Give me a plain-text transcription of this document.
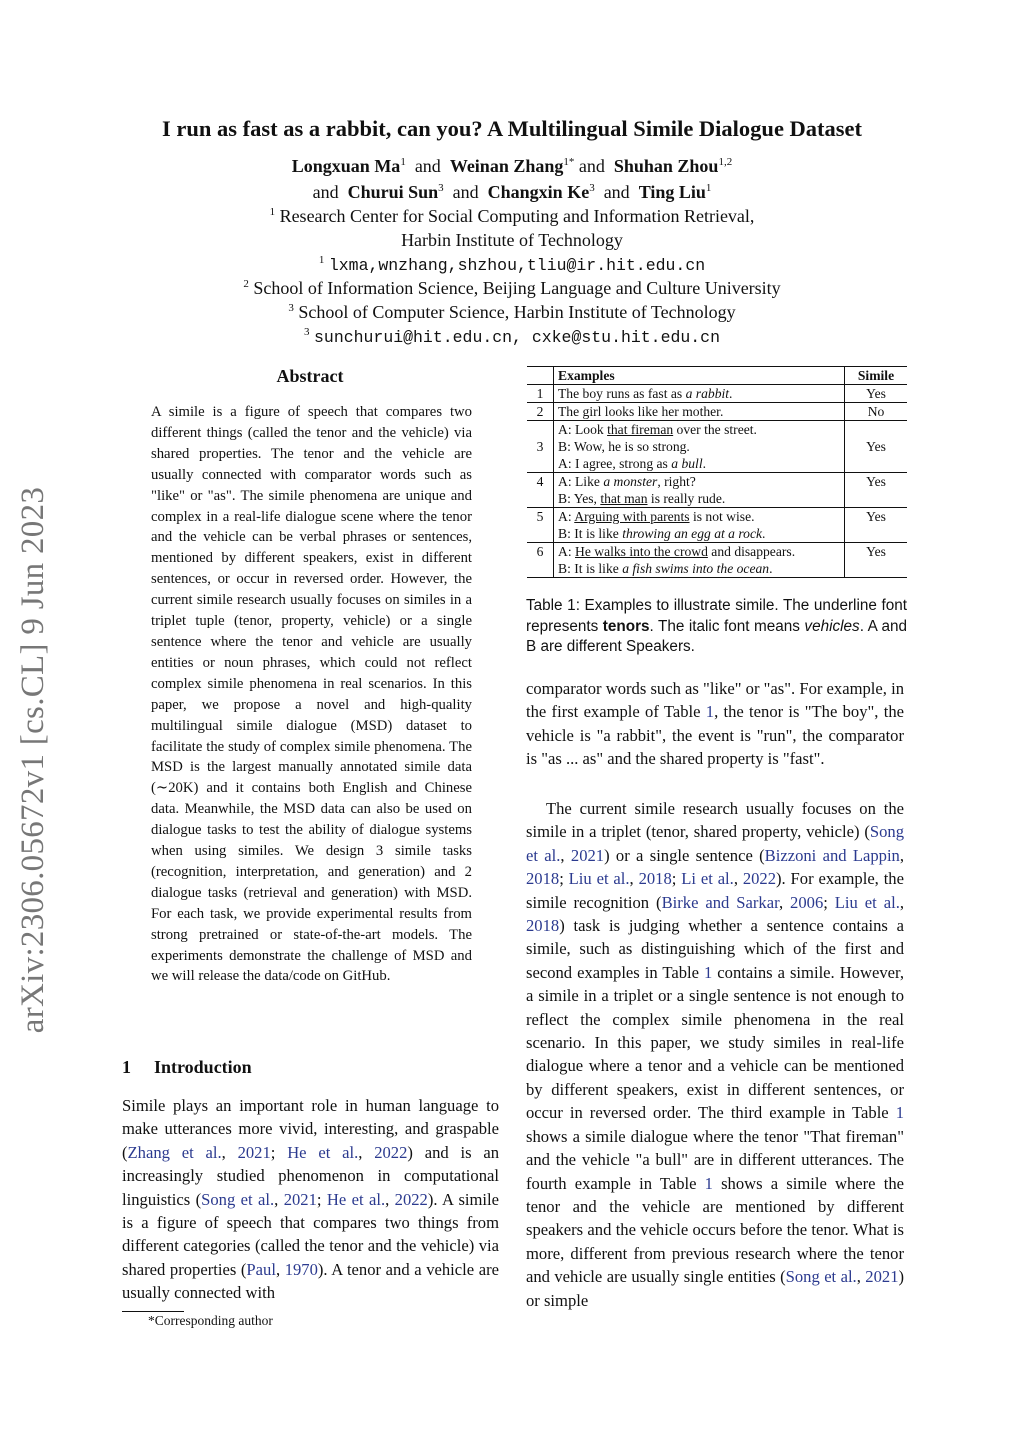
arXiv:2306.05672v1 [cs.CL] 9 Jun 2023
I run as fast as a rabbit, can you? A Multilingual Simile Dialogue Dataset
Longxuan Ma$^1$ and Weinan Zhang$^{1*}$ and Shuhan Zhou$^{1,2}$
and Churui Sun$^3$ and Changxin Ke$^3$ and Ting Liu$^1$
$^1$ Research Center for Social Computing and Information Retrieval,
Harbin Institute of Technology
$^1$ lxma,wnzhang,shzhou,tliu@ir.hit.edu.cn
$^2$ School of Information Science, Beijing Language and Culture University
$^3$ School of Computer Science, Harbin Institute of Technology
$^3$ sunchurui@hit.edu.cn, cxke@stu.hit.edu.cn
Abstract
A simile is a figure of speech that compares two different things (called the tenor and the vehicle) via shared properties. The tenor and the vehicle are usually connected with comparator words such as "like" or "as". The simile phenomena are unique and complex in a real-life dialogue scene where the tenor and the vehicle can be verbal phrases or sentences, mentioned by different speakers, exist in different sentences, or occur in reversed order. However, the current simile research usually focuses on similes in a triplet tuple (tenor, property, vehicle) or a single sentence where the tenor and vehicle are usually entities or noun phrases, which could not reflect complex simile phenomena in real scenarios. In this paper, we propose a novel and high-quality multilingual simile dialogue (MSD) dataset to facilitate the study of complex simile phenomena. The MSD is the largest manually annotated simile data (∼20K) and it contains both English and Chinese data. Meanwhile, the MSD data can also be used on dialogue tasks to test the ability of dialogue systems when using similes. We design 3 simile tasks (recognition, interpretation, and generation) and 2 dialogue tasks (retrieval and generation) with MSD. For each task, we provide experimental results from strong pretrained or state-of-the-art models. The experiments demonstrate the challenge of MSD and we will release the data/code on GitHub.
1 Introduction
Simile plays an important role in human language to make utterances more vivid, interesting, and graspable (Zhang et al., 2021; He et al., 2022) and is an increasingly studied phenomenon in computational linguistics (Song et al., 2021; He et al., 2022). A simile is a figure of speech that compares two things from different categories (called the tenor and the vehicle) via shared properties (Paul, 1970). A tenor and a vehicle are usually connected with
*Corresponding author
	Examples	Simile
1	The boy runs as fast as a rabbit.	Yes
2	The girl looks like her mother.	No
3	A: Look that fireman over the street.
B: Wow, he is so strong.
A: I agree, strong as a bull.	Yes
4	A: Like a monster, right?
B: Yes, that man is really rude.	Yes
5	A: Arguing with parents is not wise.
B: It is like throwing an egg at a rock.	Yes
6	A: He walks into the crowd and disappears.
B: It is like a fish swims into the ocean.	Yes
Table 1: Examples to illustrate simile. The underline font represents tenors. The italic font means vehicles. A and B are different Speakers.
comparator words such as "like" or "as". For example, in the first example of Table 1, the tenor is "The boy", the vehicle is "a rabbit", the event is "run", the comparator is "as ... as" and the shared property is "fast".
The current simile research usually focuses on the simile in a triplet (tenor, shared property, vehicle) (Song et al., 2021) or a single sentence (Bizzoni and Lappin, 2018; Liu et al., 2018; Li et al., 2022). For example, the simile recognition (Birke and Sarkar, 2006; Liu et al., 2018) task is judging whether a sentence contains a simile, such as distinguishing which of the first and second examples in Table 1 contains a simile. However, a simile in a triplet or a single sentence is not enough to reflect the complex simile phenomena in the real scenario. In this paper, we study similes in real-life dialogue where a tenor and a vehicle can be mentioned by different speakers, exist in different sentences, or occur in reversed order. The third example in Table 1 shows a simile dialogue where the tenor "That fireman" and the vehicle "a bull" are in different utterances. The fourth example in Table 1 shows a simile where the tenor and the vehicle are mentioned by different speakers and the vehicle occurs before the tenor. What is more, different from previous research where the tenor and vehicle are usually single entities (Song et al., 2021) or simple
